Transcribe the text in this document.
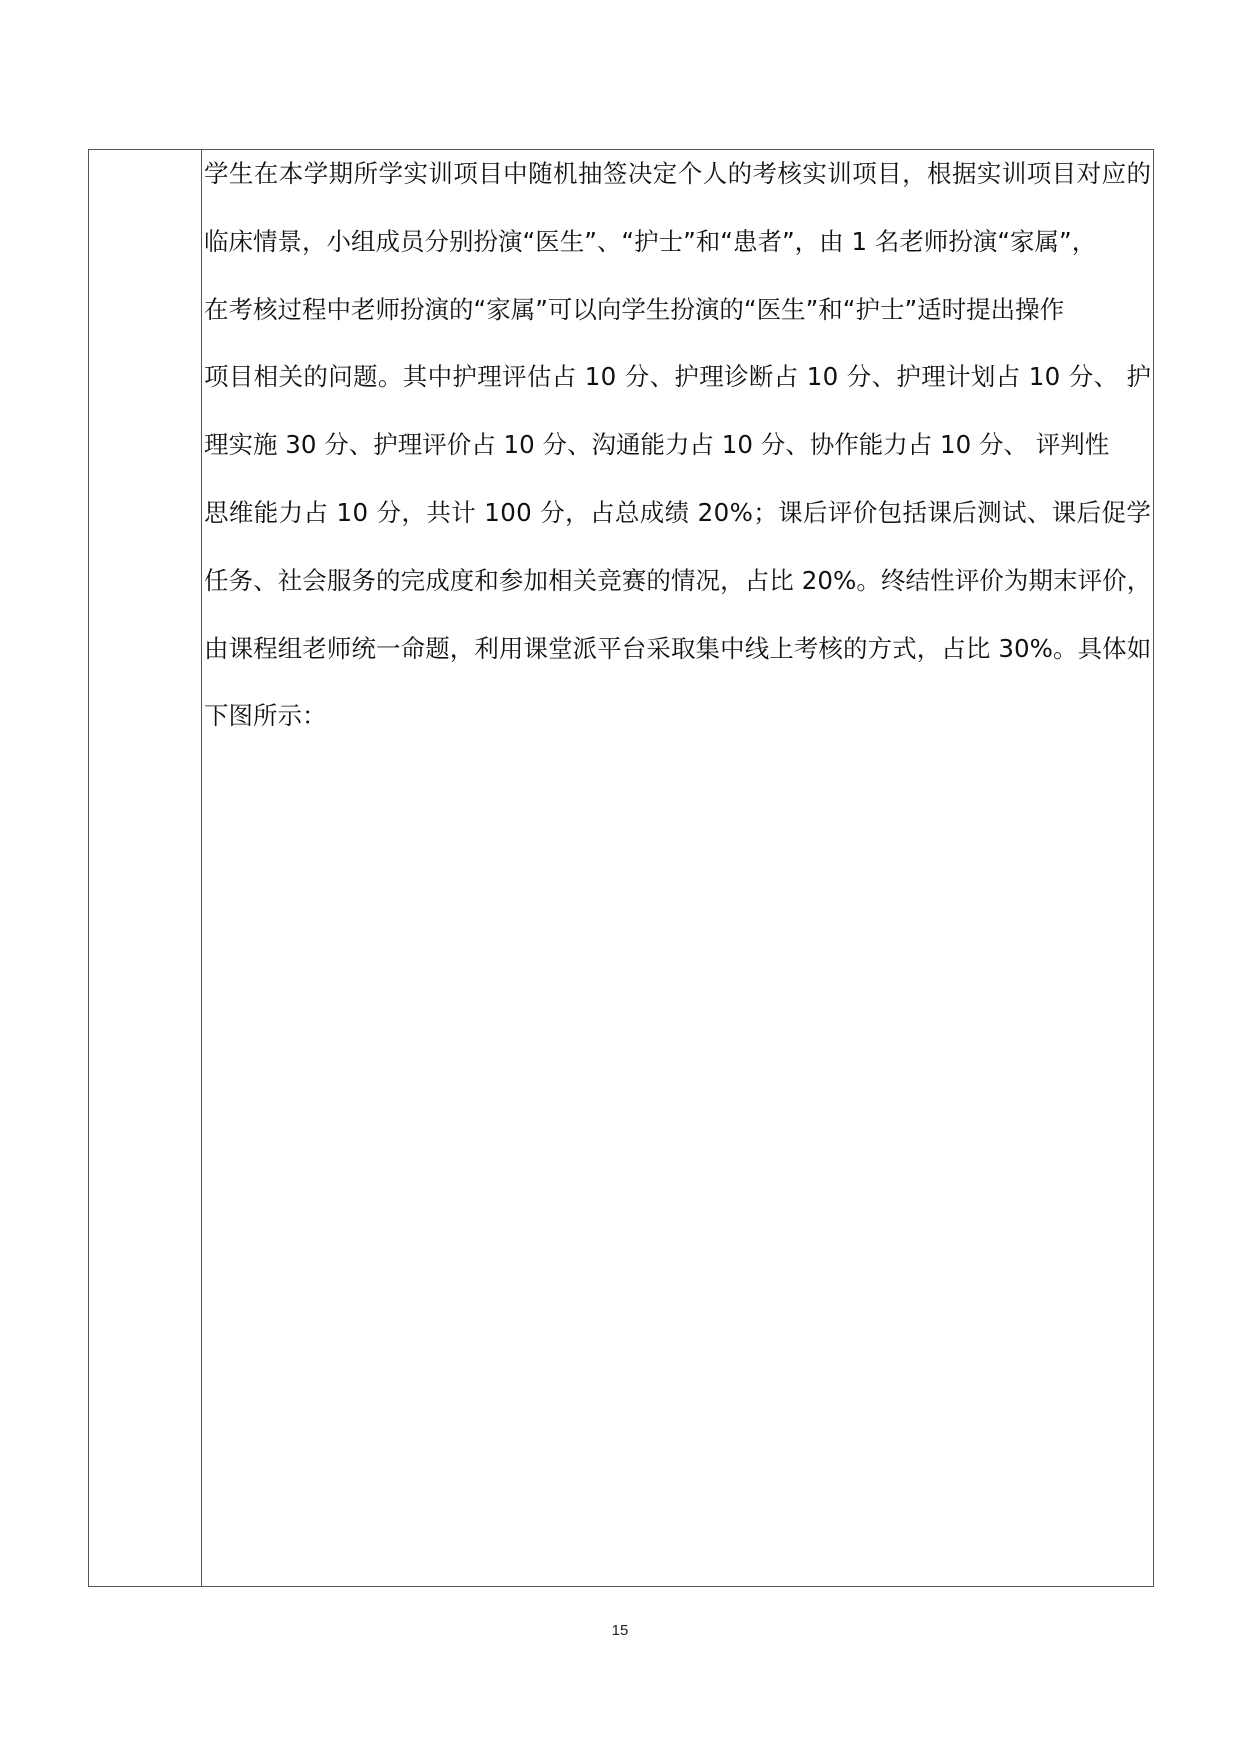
学生在本学期所学实训项目中随机抽签决定个人的考核实训项目，根据实训项目对应的
临床情景，小组成员分别扮演“医生”、“护士”和“患者”，由 1 名老师扮演“家属”，
在考核过程中老师扮演的“家属”可以向学生扮演的“医生”和“护士”适时提出操作
项目相关的问题。其中护理评估占 10 分、护理诊断占 10 分、护理计划占 10 分、 护
理实施 30 分、护理评价占 10 分、沟通能力占 10 分、协作能力占 10 分、 评判性
思维能力占 10 分，共计 100 分，占总成绩 20%；课后评价包括课后测试、课后促学
任务、社会服务的完成度和参加相关竞赛的情况，占比 20%。终结性评价为期末评价，
由课程组老师统一命题，利用课堂派平台采取集中线上考核的方式，占比 30%。具体如
下图所示：
15
